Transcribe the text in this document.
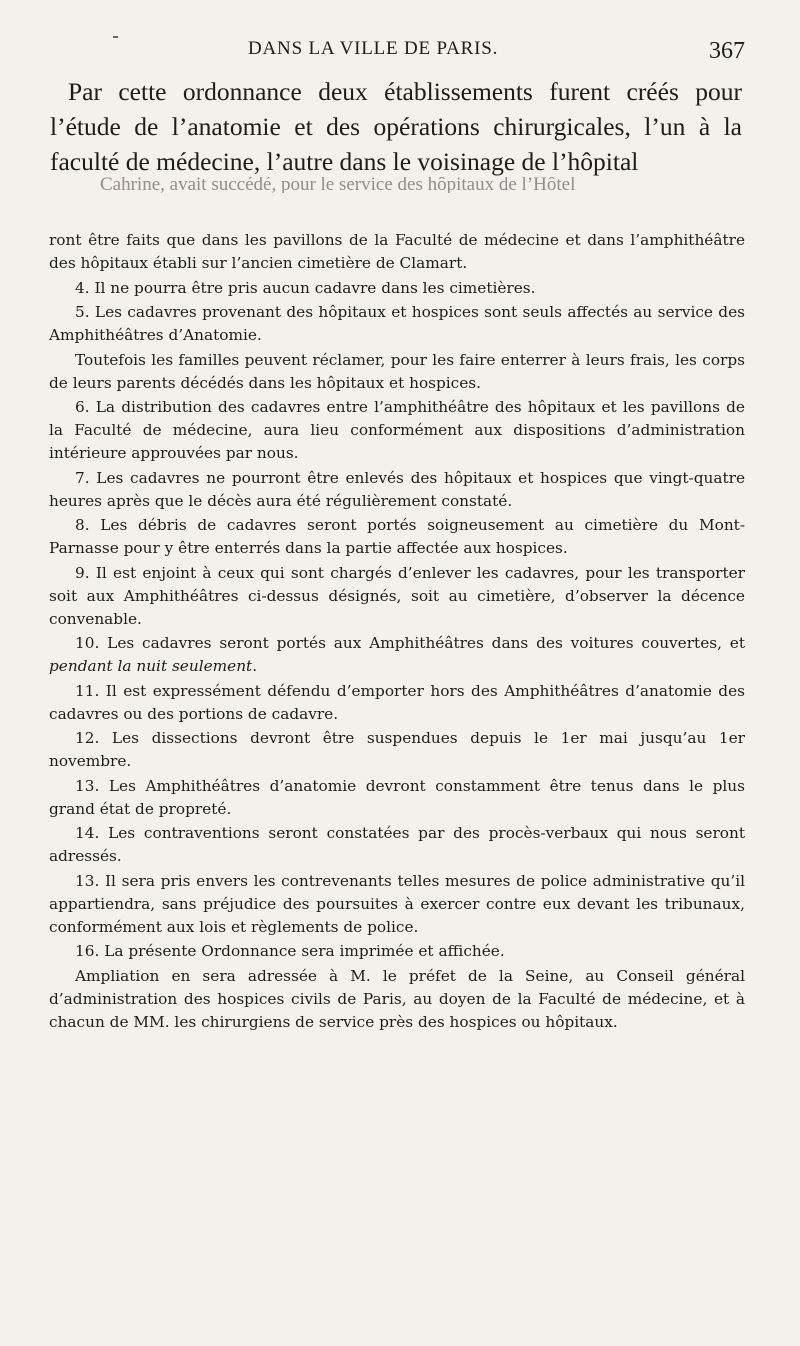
DANS LA VILLE DE PARIS.	367

Par cette ordonnance deux établissements furent créés pour l’étude de l’anatomie et des opérations chirurgicales, l’un à la faculté de médecine, l’autre dans le voisinage de l’hôpital

Cahrine, avait succédé, pour le service des hôpitaux de l’Hôtel

ront être faits que dans les pavillons de la Faculté de médecine et dans l’amphithéâtre des hôpitaux établi sur l’ancien cimetière de Clamart.

4. Il ne pourra être pris aucun cadavre dans les cimetières.

5. Les cadavres provenant des hôpitaux et hospices sont seuls affectés au service des Amphithéâtres d’Anatomie.

Toutefois les familles peuvent réclamer, pour les faire enterrer à leurs frais, les corps de leurs parents décédés dans les hôpitaux et hospices.

6. La distribution des cadavres entre l’amphithéâtre des hôpitaux et les pavillons de la Faculté de médecine, aura lieu conformément aux dispositions d’administration intérieure approuvées par nous.

7. Les cadavres ne pourront être enlevés des hôpitaux et hospices que vingt-quatre heures après que le décès aura été régulièrement constaté.

8. Les débris de cadavres seront portés soigneusement au cimetière du Mont-Parnasse pour y être enterrés dans la partie affectée aux hospices.

9. Il est enjoint à ceux qui sont chargés d’enlever les cadavres, pour les transporter soit aux Amphithéâtres ci-dessus désignés, soit au cimetière, d’observer la décence convenable.

10. Les cadavres seront portés aux Amphithéâtres dans des voitures couvertes, et pendant la nuit seulement.

11. Il est expressément défendu d’emporter hors des Amphithéâtres d’anatomie des cadavres ou des portions de cadavre.

12. Les dissections devront être suspendues depuis le 1er mai jusqu’au 1er novembre.

13. Les Amphithéâtres d’anatomie devront constamment être tenus dans le plus grand état de propreté.

14. Les contraventions seront constatées par des procès-verbaux qui nous seront adressés.

13. Il sera pris envers les contrevenants telles mesures de police administrative qu’il appartiendra, sans préjudice des poursuites à exercer contre eux devant les tribunaux, conformément aux lois et règlements de police.

16. La présente Ordonnance sera imprimée et affichée.

Ampliation en sera adressée à M. le préfet de la Seine, au Conseil général d’administration des hospices civils de Paris, au doyen de la Faculté de médecine, et à chacun de MM. les chirurgiens de service près des hospices ou hôpitaux.
